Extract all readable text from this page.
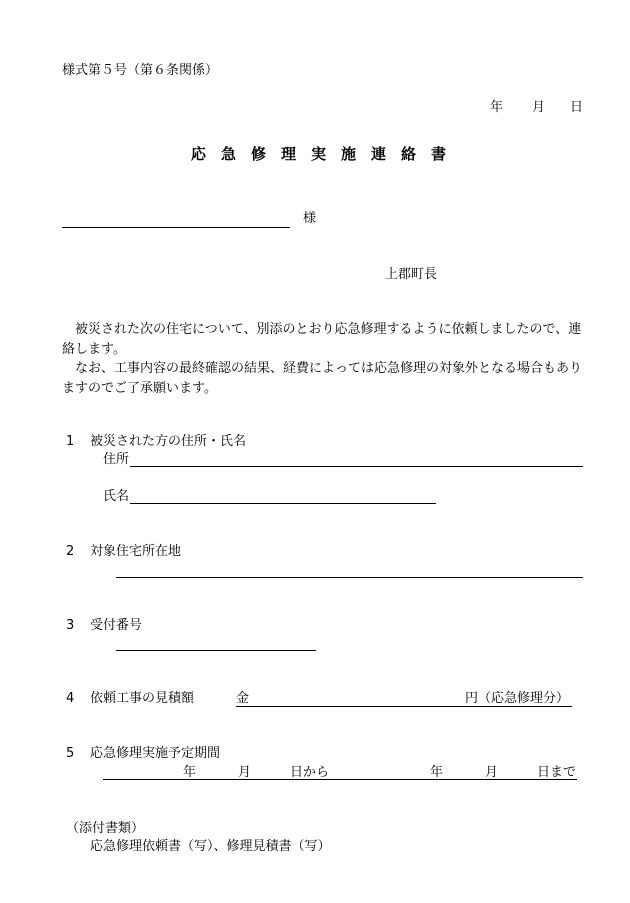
様式第５号（第６条関係）
年 月 日
応急修理実施連絡書
様
上郡町長

被災された次の住宅について、別添のとおり応急修理するように依頼しましたので、連絡します。

なお、工事内容の最終確認の結果、経費によっては応急修理の対象外となる場合もありますのでご了承願います。

1 被災された方の住所・氏名
住所
氏名
2 対象住宅所在地
3 受付番号
4 依頼工事の見積額	金	円（応急修理分）
5 応急修理実施予定期間
年	月	日から	年	月	日まで
（添付書類）
応急修理依頼書（写）、修理見積書（写）
